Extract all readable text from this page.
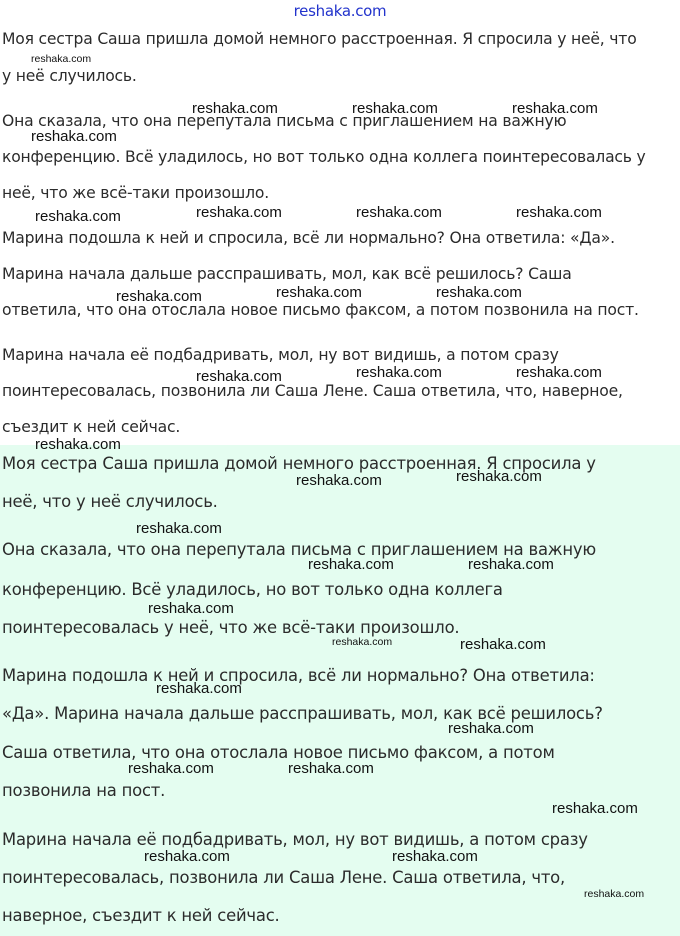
reshaka.com
Моя сестра Саша пришла домой немного расстроенная. Я спросила у неё, что
у неё случилось.
Она сказала, что она перепутала письма с приглашением на важную
конференцию. Всё уладилось, но вот только одна коллега поинтересовалась у
неё, что же всё-таки произошло.
Марина подошла к ней и спросила, всё ли нормально? Она ответила: «Да».
Марина начала дальше расспрашивать, мол, как всё решилось? Саша
ответила, что она отослала новое письмо факсом, а потом позвонила на пост.
Марина начала её подбадривать, мол, ну вот видишь, а потом сразу
поинтересовалась, позвонила ли Саша Лене. Саша ответила, что, наверное,
съездит к ней сейчас.
Моя сестра Саша пришла домой немного расстроенная. Я спросила у
неё, что у неё случилось.
Она сказала, что она перепутала письма с приглашением на важную
конференцию. Всё уладилось, но вот только одна коллега
поинтересовалась у неё, что же всё-таки произошло.
Марина подошла к ней и спросила, всё ли нормально? Она ответила:
«Да». Марина начала дальше расспрашивать, мол, как всё решилось?
Саша ответила, что она отослала новое письмо факсом, а потом
позвонила на пост.
Марина начала её подбадривать, мол, ну вот видишь, а потом сразу
поинтересовалась, позвонила ли Саша Лене. Саша ответила, что,
наверное, съездит к ней сейчас.
reshaka.com
reshaka.com	reshaka.com	reshaka.com
reshaka.com
reshaka.com	reshaka.com	reshaka.com
reshaka.com
reshaka.com	reshaka.com
reshaka.com
reshaka.com	reshaka.com
reshaka.com
reshaka.com
reshaka.com
reshaka.com
reshaka.com
reshaka.com	reshaka.com
reshaka.com
reshaka.com	reshaka.com
reshaka.com
reshaka.com
reshaka.com	reshaka.com
reshaka.com
reshaka.com	reshaka.com
reshaka.com
